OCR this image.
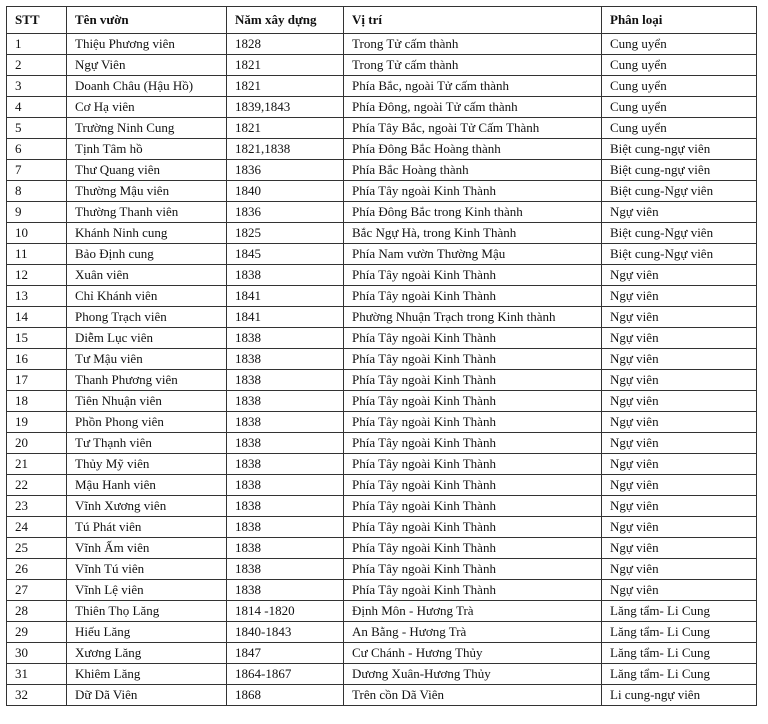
STT	Tên vườn	Năm xây dựng	Vị trí	Phân loại
1	Thiệu Phương viên	1828	Trong Tử cấm thành	Cung uyển
2	Ngự Viên	1821	Trong Tử cấm thành	Cung uyển
3	Doanh Châu (Hậu Hồ)	1821	Phía Bắc, ngoài Tử cấm thành	Cung uyển
4	Cơ Hạ viên	1839,1843	Phía Đông, ngoài Tử cấm thành	Cung uyển
5	Trường Ninh Cung	1821	Phía Tây Bắc, ngoài Tử Cấm Thành	Cung uyển
6	Tịnh Tâm hồ	1821,1838	Phía Đông Bắc Hoàng thành	Biệt cung-ngự viên
7	Thư Quang viên	1836	Phía Bắc Hoàng thành	Biệt cung-ngự viên
8	Thường Mậu viên	1840	Phía Tây ngoài Kinh Thành	Biệt cung-Ngự viên
9	Thường Thanh viên	1836	Phía Đông Bắc trong Kinh thành	Ngự viên
10	Khánh Ninh cung	1825	Bắc Ngự Hà, trong Kinh Thành	Biệt cung-Ngự viên
11	Bảo Định cung	1845	Phía Nam vườn Thường Mậu	Biệt cung-Ngự viên
12	Xuân viên	1838	Phía Tây ngoài Kinh Thành	Ngự viên
13	Chỉ Khánh viên	1841	Phía Tây ngoài Kinh Thành	Ngự viên
14	Phong Trạch viên	1841	Phường Nhuận Trạch trong Kinh thành	Ngự viên
15	Diễm Lục viên	1838	Phía Tây ngoài Kinh Thành	Ngự viên
16	Tư Mậu viên	1838	Phía Tây ngoài Kinh Thành	Ngự viên
17	Thanh Phương viên	1838	Phía Tây ngoài Kinh Thành	Ngự viên
18	Tiên Nhuận viên	1838	Phía Tây ngoài Kinh Thành	Ngự viên
19	Phồn Phong viên	1838	Phía Tây ngoài Kinh Thành	Ngự viên
20	Tư Thạnh viên	1838	Phía Tây ngoài Kinh Thành	Ngự viên
21	Thủy Mỹ viên	1838	Phía Tây ngoài Kinh Thành	Ngự viên
22	Mậu Hanh viên	1838	Phía Tây ngoài Kinh Thành	Ngự viên
23	Vĩnh Xương viên	1838	Phía Tây ngoài Kinh Thành	Ngự viên
24	Tú Phát viên	1838	Phía Tây ngoài Kinh Thành	Ngự viên
25	Vĩnh Ấm viên	1838	Phía Tây ngoài Kinh Thành	Ngự viên
26	Vĩnh Tú viên	1838	Phía Tây ngoài Kinh Thành	Ngự viên
27	Vĩnh Lệ viên	1838	Phía Tây ngoài Kinh Thành	Ngự viên
28	Thiên Thọ Lăng	1814 -1820	Định Môn - Hương Trà	Lăng tẩm- Li Cung
29	Hiếu Lăng	1840-1843	An Bằng - Hương Trà	Lăng tẩm- Li Cung
30	Xương Lăng	1847	Cư Chánh - Hương Thủy	Lăng tẩm- Li Cung
31	Khiêm Lăng	1864-1867	Dương Xuân-Hương Thủy	Lăng tẩm- Li Cung
32	Dữ Dã Viên	1868	Trên cồn Dã Viên	Li cung-ngự viên
